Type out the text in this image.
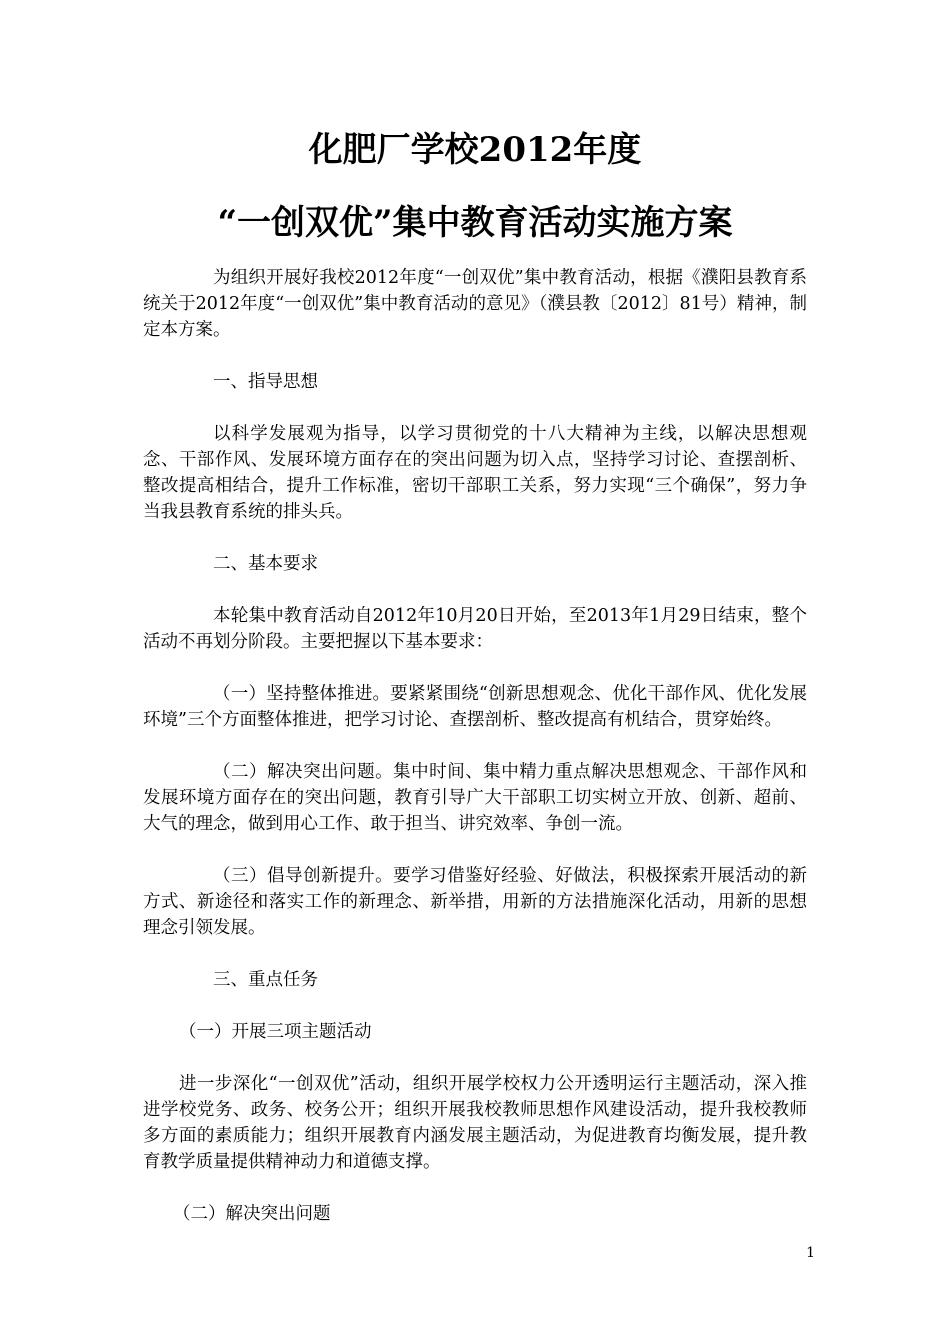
化肥厂学校2012年度
“一创双优”集中教育活动实施方案

为组织开展好我校2012年度“一创双优”集中教育活动，根据《濮阳县教育系统关于2012年度“一创双优”集中教育活动的意见》（濮县教〔2012〕81号）精神，制定本方案。

一、指导思想

以科学发展观为指导，以学习贯彻党的十八大精神为主线，以解决思想观念、干部作风、发展环境方面存在的突出问题为切入点，坚持学习讨论、查摆剖析、整改提高相结合，提升工作标准，密切干部职工关系，努力实现“三个确保”，努力争当我县教育系统的排头兵。

二、基本要求

本轮集中教育活动自2012年10月20日开始，至2013年1月29日结束，整个活动不再划分阶段。主要把握以下基本要求：

（一）坚持整体推进。要紧紧围绕“创新思想观念、优化干部作风、优化发展环境”三个方面整体推进，把学习讨论、查摆剖析、整改提高有机结合，贯穿始终。

（二）解决突出问题。集中时间、集中精力重点解决思想观念、干部作风和发展环境方面存在的突出问题，教育引导广大干部职工切实树立开放、创新、超前、大气的理念，做到用心工作、敢于担当、讲究效率、争创一流。

（三）倡导创新提升。要学习借鉴好经验、好做法，积极探索开展活动的新方式、新途径和落实工作的新理念、新举措，用新的方法措施深化活动，用新的思想理念引领发展。

三、重点任务

（一）开展三项主题活动

进一步深化“一创双优”活动，组织开展学校权力公开透明运行主题活动，深入推进学校党务、政务、校务公开；组织开展我校教师思想作风建设活动，提升我校教师多方面的素质能力；组织开展教育内涵发展主题活动，为促进教育均衡发展，提升教育教学质量提供精神动力和道德支撑。

（二）解决突出问题

1
